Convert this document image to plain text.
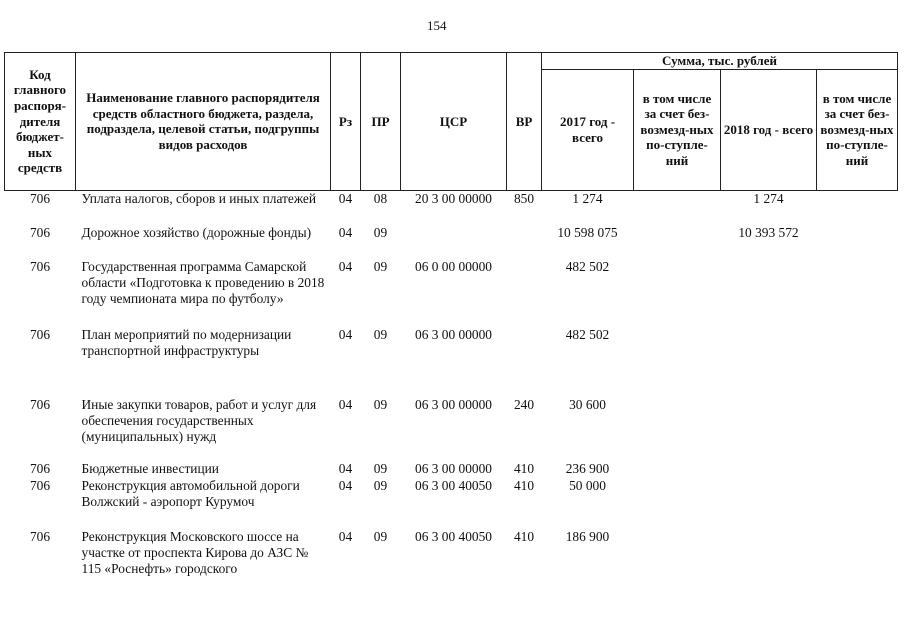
154
Код главного распоря-дителя бюджет-ных средств	Наименование главного распорядителя средств областного бюджета, раздела, подраздела, целевой статьи, подгруппы видов расходов	Рз	ПР	ЦСР	ВР	Сумма, тыс. рублей			
						2017 год - всего	в том числе за счет без-возмезд-ных по-ступле-ний	2018 год - всего	в том числе за счет без-возмезд-ных по-ступле-ний
706	Уплата налогов, сборов и иных платежей	04	08	20 3 00 00000	850	1 274		1 274	
706	Дорожное хозяйство (дорожные фонды)	04	09			10 598 075		10 393 572	
706	Государственная программа Самарской области «Подготовка к проведению в 2018 году чемпионата мира по футболу»	04	09	06 0 00 00000		482 502			
706	План мероприятий по модернизации транспортной инфраструктуры	04	09	06 3 00 00000		482 502			
706	Иные закупки товаров, работ и услуг для обеспечения государственных (муниципальных) нужд	04	09	06 3 00 00000	240	30 600			
706	Бюджетные инвестиции	04	09	06 3 00 00000	410	236 900			
706	Реконструкция автомобильной дороги Волжский - аэропорт Курумоч	04	09	06 3 00 40050	410	50 000			
706	Реконструкция Московского шоссе на участке от проспекта Кирова до АЗС № 115 «Роснефть» городского	04	09	06 3 00 40050	410	186 900			
